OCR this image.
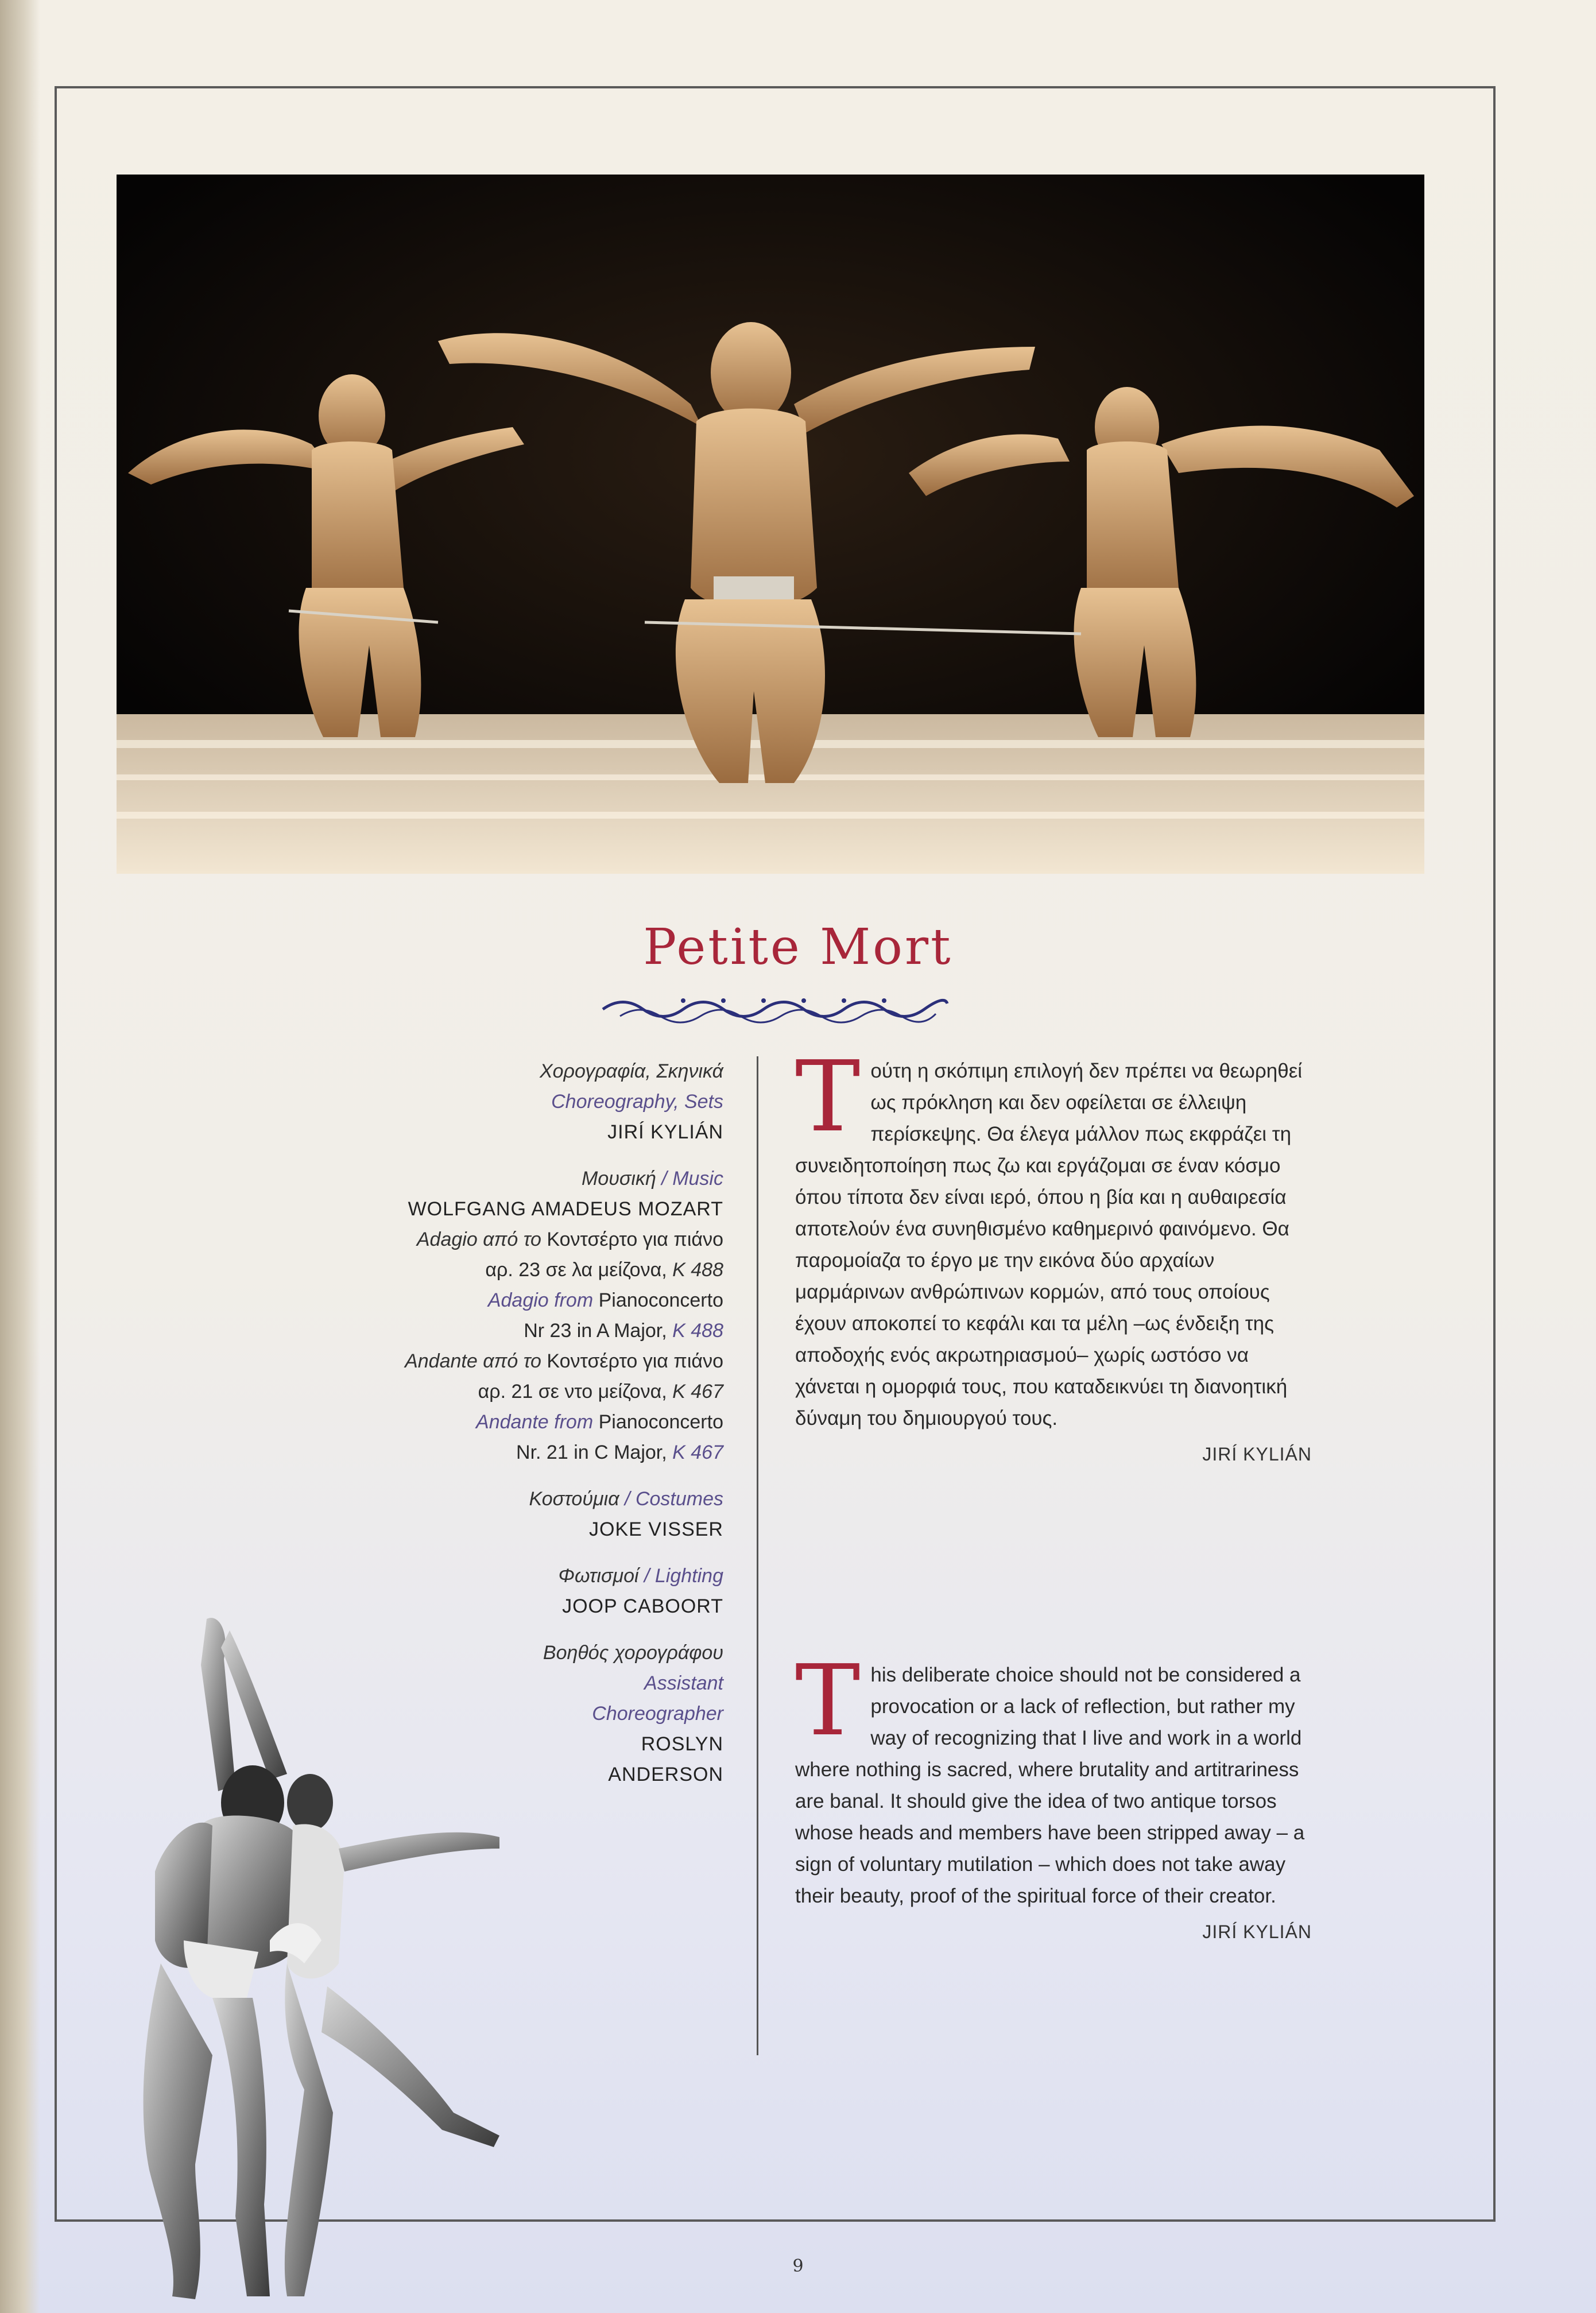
Petite Mort
Χορογραφία, Σκηνικά
Choreography, Sets
JIRÍ KYLIÁN
Μουσική / Music
WOLFGANG AMADEUS MOZART
Adagio από το Κοντσέρτο για πιάνο
αρ. 23 σε λα μείζονα, K 488
Adagio from Pianoconcerto
Nr 23 in A Major, K 488
Andante από το Κοντσέρτο για πιάνο
αρ. 21 σε ντο μείζονα, K 467
Andante from Pianoconcerto
Nr. 21 in C Major, K 467
Κοστούμια / Costumes
JOKE VISSER
Φωτισμοί / Lighting
JOOP CABOORT
Βοηθός χορογράφου
Assistant
Choreographer
ROSLYN
ANDERSON
Τ ούτη η σκόπιμη επιλογή δεν πρέπει να θεωρηθεί ως πρόκληση και δεν οφείλεται σε έλλειψη περίσκεψης. Θα έλεγα μάλλον πως εκφράζει τη συνειδητοποίηση πως ζω και εργάζομαι σε έναν κόσμο όπου τίποτα δεν είναι ιερό, όπου η βία και η αυθαιρεσία αποτελούν ένα συνηθισμένο καθημερινό φαινόμενο. Θα παρομοίαζα το έργο με την εικόνα δύο αρχαίων μαρμάρινων ανθρώπινων κορμών, από τους οποίους έχουν αποκοπεί το κεφάλι και τα μέλη –ως ένδειξη της αποδοχής ενός ακρωτηριασμού– χωρίς ωστόσο να χάνεται η ομορφιά τους, που καταδεικνύει τη διανοητική δύναμη του δημιουργού τους.

JIRÍ KYLIÁN
T his deliberate choice should not be considered a provocation or a lack of reflection, but rather my way of recognizing that I live and work in a world where nothing is sacred, where brutality and artitrariness are banal. It should give the idea of two antique torsos whose heads and members have been stripped away – a sign of voluntary mutilation – which does not take away their beauty, proof of the spiritual force of their creator.

JIRÍ KYLIÁN
9
